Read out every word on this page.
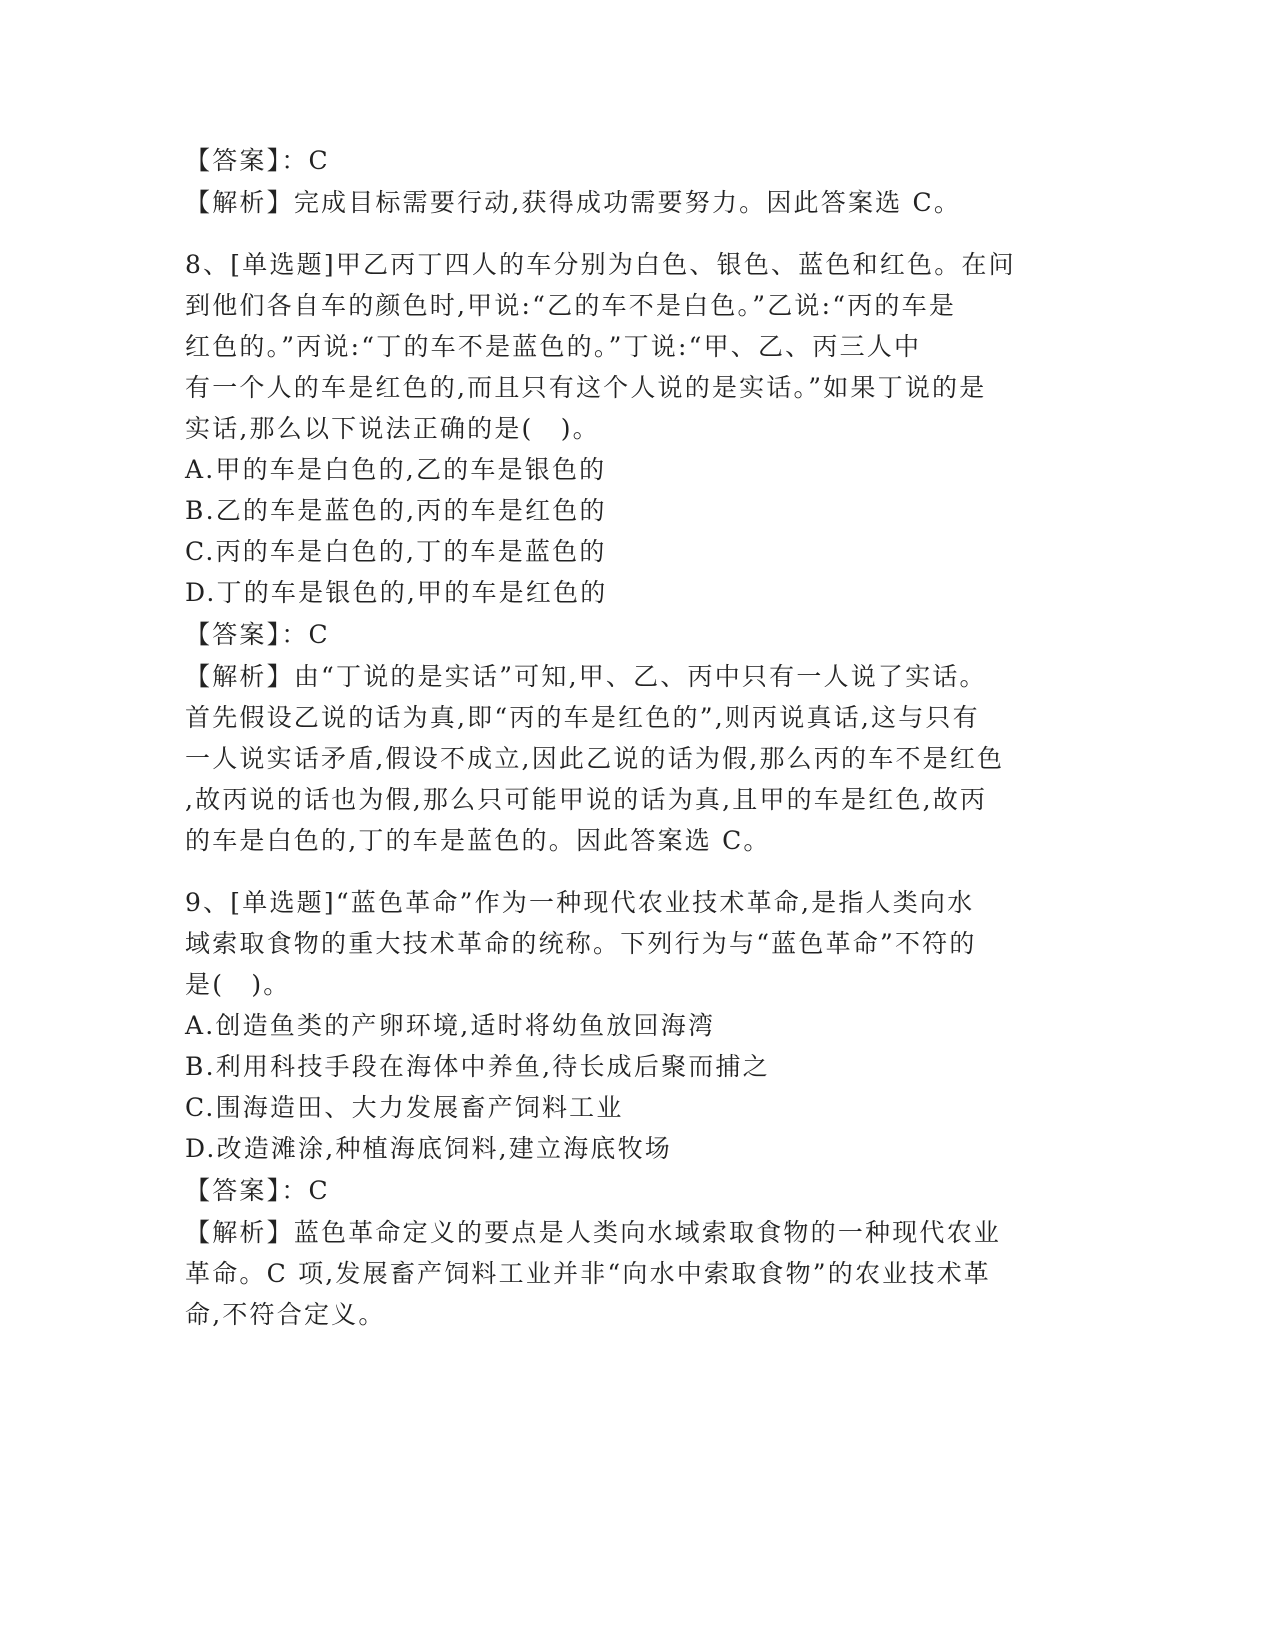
【答案】：C
【解析】完成目标需要行动,获得成功需要努力。因此答案选 C。
8、[单选题]甲乙丙丁四人的车分别为白色、银色、蓝色和红色。在问
到他们各自车的颜色时,甲说:“乙的车不是白色。”乙说:“丙的车是
红色的。”丙说:“丁的车不是蓝色的。”丁说:“甲、乙、丙三人中
有一个人的车是红色的,而且只有这个人说的是实话。”如果丁说的是
实话,那么以下说法正确的是(　)。
A.甲的车是白色的,乙的车是银色的
B.乙的车是蓝色的,丙的车是红色的
C.丙的车是白色的,丁的车是蓝色的
D.丁的车是银色的,甲的车是红色的
【答案】：C
【解析】由“丁说的是实话”可知,甲、乙、丙中只有一人说了实话。
首先假设乙说的话为真,即“丙的车是红色的”,则丙说真话,这与只有
一人说实话矛盾,假设不成立,因此乙说的话为假,那么丙的车不是红色
,故丙说的话也为假,那么只可能甲说的话为真,且甲的车是红色,故丙
的车是白色的,丁的车是蓝色的。因此答案选 C。
9、[单选题]“蓝色革命”作为一种现代农业技术革命,是指人类向水
域索取食物的重大技术革命的统称。下列行为与“蓝色革命”不符的
是(　)。
A.创造鱼类的产卵环境,适时将幼鱼放回海湾
B.利用科技手段在海体中养鱼,待长成后聚而捕之
C.围海造田、大力发展畜产饲料工业
D.改造滩涂,种植海底饲料,建立海底牧场
【答案】：C
【解析】蓝色革命定义的要点是人类向水域索取食物的一种现代农业
革命。C 项,发展畜产饲料工业并非“向水中索取食物”的农业技术革
命,不符合定义。
